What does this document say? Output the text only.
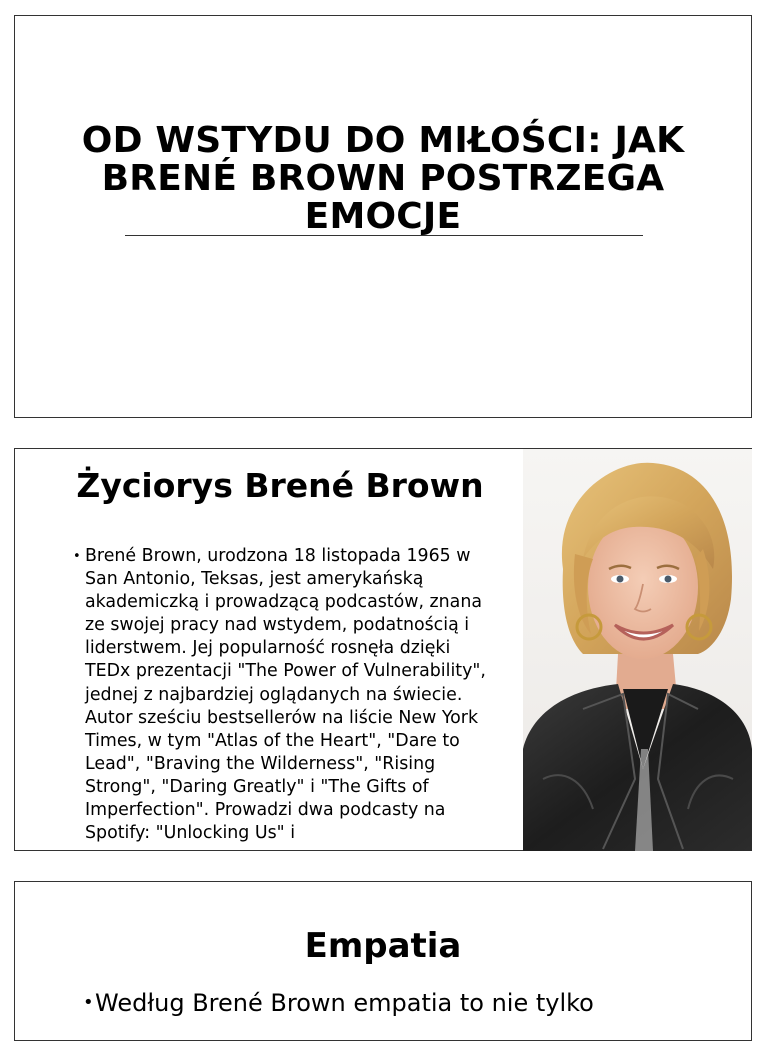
OD WSTYDU DO MIŁOŚCI: JAK BRENÉ BROWN POSTRZEGA EMOCJE
Życiorys Brené Brown
• Brené Brown, urodzona 18 listopada 1965 w San Antonio, Teksas, jest amerykańską akademiczką i prowadzącą podcastów, znana ze swojej pracy nad wstydem, podatnością i liderstwem. Jej popularność rosnęła dzięki TEDx prezentacji "The Power of Vulnerability", jednej z najbardziej oglądanych na świecie. Autor sześciu bestsellerów na liście New York Times, w tym "Atlas of the Heart", "Dare to Lead", "Braving the Wilderness", "Rising Strong", "Daring Greatly" i "The Gifts of Imperfection". Prowadzi dwa podcasty na Spotify: "Unlocking Us" i
Empatia
• Według Brené Brown empatia to nie tylko
